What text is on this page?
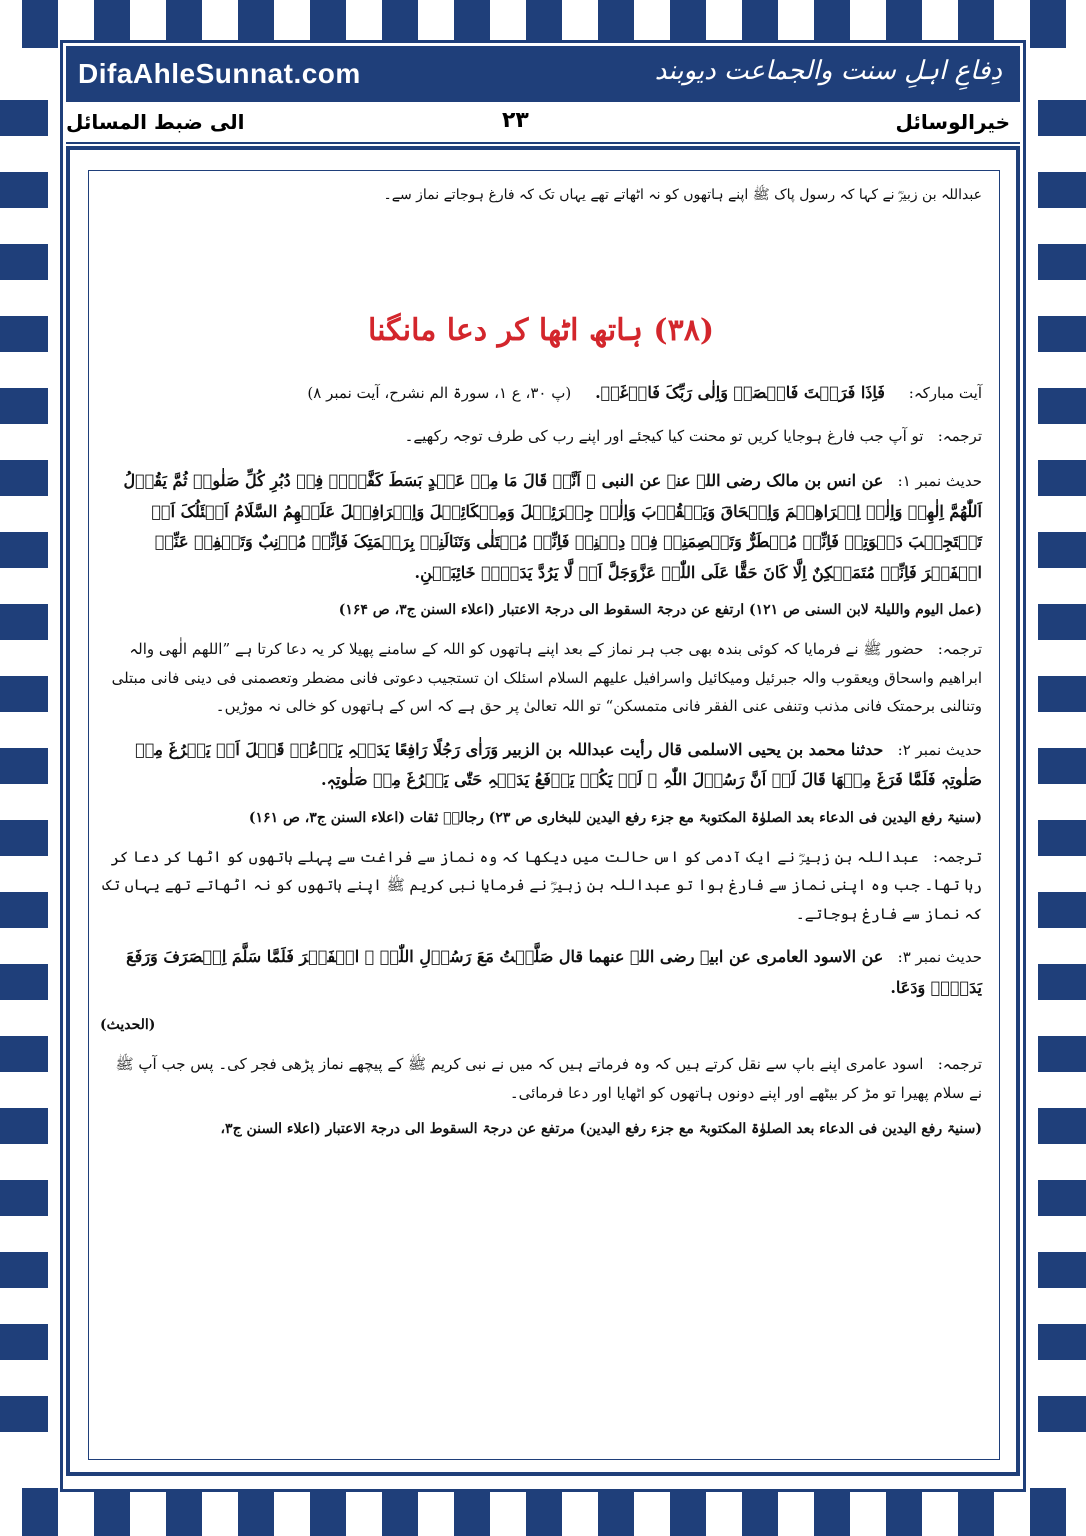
DifaAhleSunnat.com	دِفاعِ اہلِ سنت والجماعت دیوبند
الی ضبط المسائل	۲۳	خیرالوسائل

عبداللہ بن زبیرؓ نے کہا کہ رسول پاک ﷺ اپنے ہاتھوں کو نہ اٹھاتے تھے یہاں تک کہ فارغ ہوجاتے نماز سے۔

(۳۸) ہاتھ اٹھا کر دعا مانگنا

آیت مبارکہ:     فَاِذَا فَرَغۡتَ فَانۡصَبۡ وَاِلٰی رَبِّکَ فَارۡغَبۡ.     (پ ۳۰، ع ۱، سورۃ الم نشرح، آیت نمبر ۸)

ترجمہ:   تو آپ جب فارغ ہوجایا کریں تو محنت کیا کیجئے اور اپنے رب کی طرف توجہ رکھیے۔

حدیث نمبر ۱:   عن انس بن مالک رضی اللہ عنہ عن النبی ﷺ اَنَّہٗ قَالَ مَا مِنۡ عَبۡدٍ بَسَطَ کَفَّیۡہِ فِیۡ دُبُرِ کُلِّ صَلٰوۃٍ ثُمَّ یَقُوۡلُ اَللّٰھُمَّ اِلٰھِیۡ وَاِلٰہُ اِبۡرَاھِیۡمَ وَاِسۡحَاقَ وَیَعۡقُوۡبَ وَاِلٰہُ جِبۡرَئِیۡلَ وَمِیۡکَائِیۡلَ وَاِسۡرَافِیۡلَ عَلَیۡھِمُ السَّلَامُ اَسۡئَلُکَ اَنۡ تَسۡتَجِیۡبَ دَعۡوَتِیۡ فَاِنِّیۡ مُضۡطَرٌّ وَتَعۡصِمَنِیۡ فِیۡ دِیۡنِیۡ فَاِنِّیۡ مُبۡتَلٰی وَتَنَالَنِیۡ بِرَحۡمَتِکَ فَاِنِّیۡ مُذۡنِبٌ وَتَنۡفِیۡ عَنِّیۡ الۡفَقۡرَ فَاِنِّیۡ مُتَمَسۡکِنٌ اِلَّا کَانَ حَقًّا عَلَی اللّٰہِ عَزَّوَجَلَّ اَنۡ لَّا یَرُدَّ یَدَیۡہِ خَائِبَیۡنِ.

(عمل الیوم واللیلۃ لابن السنی ص ۱۲۱) ارتفع عن درجۃ السقوط الی درجۃ الاعتبار (اعلاء السنن ج۳، ص ۱۶۴)

ترجمہ:   حضور ﷺ نے فرمایا کہ کوئی بندہ بھی جب ہر نماز کے بعد اپنے ہاتھوں کو اللہ کے سامنے پھیلا کر یہ دعا کرتا ہے ”اللھم الٰھی والہ ابراھیم واسحاق ویعقوب والہ جبرئیل ومیکائیل واسرافیل علیھم السلام اسئلک ان تستجیب دعوتی فانی مضطر وتعصمنی فی دینی فانی مبتلی وتنالنی برحمتک فانی مذنب وتنفی عنی الفقر فانی متمسکن“ تو اللہ تعالیٰ پر حق ہے کہ اس کے ہاتھوں کو خالی نہ موڑیں۔

حدیث نمبر ۲:   حدثنا محمد بن یحیی الاسلمی قال رأیت عبداللہ بن الزبیر وَرَاٰی رَجُلًا رَافِعًا یَدَیۡہِ یَدۡعُوۡ قَبۡلَ اَنۡ یَفۡرُغَ مِنۡ صَلٰوتِہٖ فَلَمَّا فَرَغَ مِنۡھَا قَالَ لَہٗ اَنَّ رَسُوۡلَ اللّٰہِ ﷺ لَمۡ یَکُنۡ یَرۡفَعُ یَدَیۡہِ حَتّٰی یَفۡرُغَ مِنۡ صَلٰوتِہٖ.

(سنیۃ رفع الیدین فی الدعاء بعد الصلوٰۃ المکتوبۃ مع جزء رفع الیدین للبخاری ص ۲۳) رجالہٗ ثقات (اعلاء السنن ج۳، ص ۱۶۱)

ترجمہ:   عبداللہ بن زبیرؓ نے ایک آدمی کو اس حالت میں دیکھا کہ وہ نماز سے فراغت سے پہلے ہاتھوں کو اٹھا کر دعا کر رہا تھا۔ جب وہ اپنی نماز سے فارغ ہوا تو عبداللہ بن زبیرؓ نے فرمایا نبی کریم ﷺ اپنے ہاتھوں کو نہ اٹھاتے تھے یہاں تک کہ نماز سے فارغ ہوجاتے۔

حدیث نمبر ۳:   عن الاسود العامری عن ابیہ رضی اللہ عنھما قال صَلَّیۡتُ مَعَ رَسُوۡلِ اللّٰہِ ﷺ الۡفَجۡرَ فَلَمَّا سَلَّمَ اِنۡصَرَفَ وَرَفَعَ یَدَیۡہِ وَدَعَا.

(الحدیث)

ترجمہ:   اسود عامری اپنے باپ سے نقل کرتے ہیں کہ وہ فرماتے ہیں کہ میں نے نبی کریم ﷺ کے پیچھے نماز پڑھی فجر کی۔ پس جب آپ ﷺ نے سلام پھیرا تو مڑ کر بیٹھے اور اپنے دونوں ہاتھوں کو اٹھایا اور دعا فرمائی۔

(سنیۃ رفع الیدین فی الدعاء بعد الصلوٰۃ المکتوبۃ مع جزء رفع الیدین) مرتفع عن درجۃ السقوط الی درجۃ الاعتبار (اعلاء السنن ج۳،
